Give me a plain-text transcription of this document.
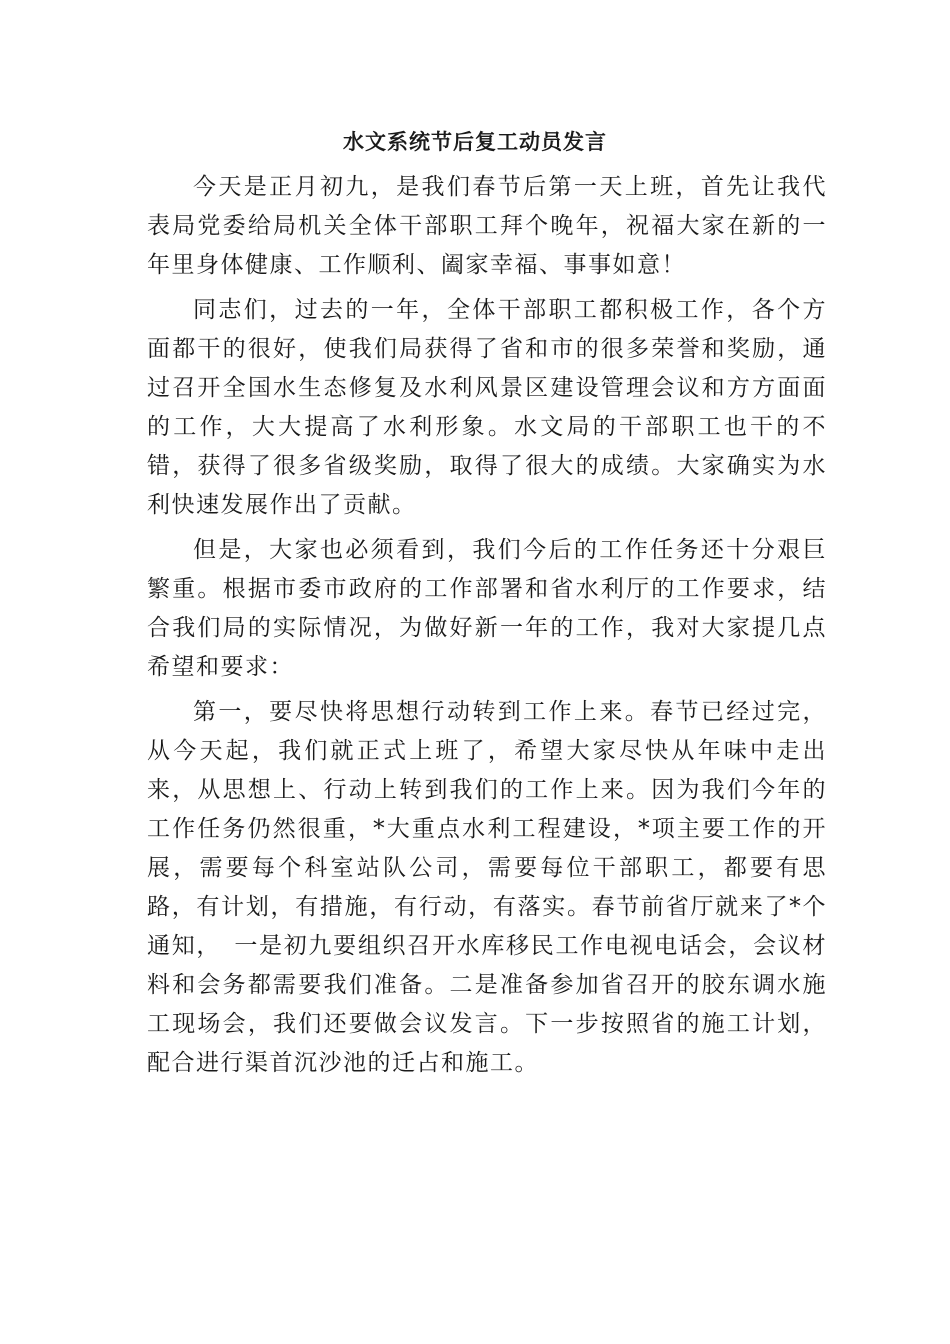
水文系统节后复工动员发言

今天是正月初九，是我们春节后第一天上班，首先让我代表局党委给局机关全体干部职工拜个晚年，祝福大家在新的一年里身体健康、工作顺利、阖家幸福、事事如意！

同志们，过去的一年，全体干部职工都积极工作，各个方面都干的很好，使我们局获得了省和市的很多荣誉和奖励，通过召开全国水生态修复及水利风景区建设管理会议和方方面面的工作，大大提高了水利形象。水文局的干部职工也干的不错，获得了很多省级奖励，取得了很大的成绩。大家确实为水利快速发展作出了贡献。

但是，大家也必须看到，我们今后的工作任务还十分艰巨繁重。根据市委市政府的工作部署和省水利厅的工作要求，结合我们局的实际情况，为做好新一年的工作，我对大家提几点希望和要求：

第一，要尽快将思想行动转到工作上来。春节已经过完，从今天起，我们就正式上班了，希望大家尽快从年味中走出来，从思想上、行动上转到我们的工作上来。因为我们今年的工作任务仍然很重，*大重点水利工程建设，*项主要工作的开展，需要每个科室站队公司，需要每位干部职工，都要有思路，有计划，有措施，有行动，有落实。春节前省厅就来了*个通知，　一是初九要组织召开水库移民工作电视电话会，会议材料和会务都需要我们准备。二是准备参加省召开的胶东调水施工现场会，我们还要做会议发言。下一步按照省的施工计划，配合进行渠首沉沙池的迁占和施工。
